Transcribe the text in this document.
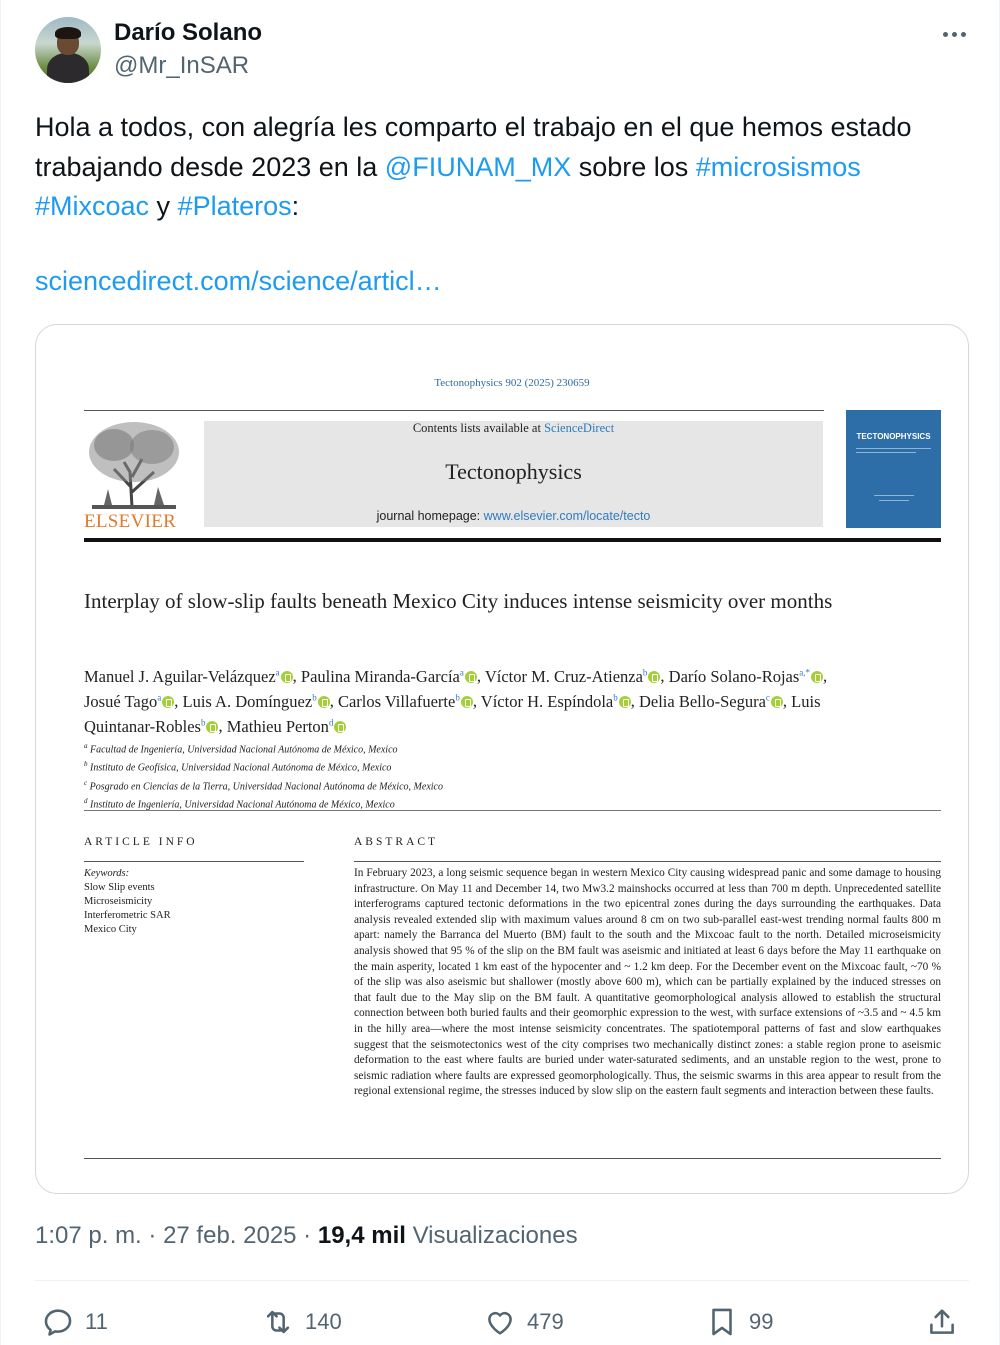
Darío Solano
@Mr_InSAR
Hola a todos, con alegría les comparto el trabajo en el que hemos estado trabajando desde 2023 en la @FIUNAM_MX sobre los #microsismos #Mixcoac y #Plateros:
sciencedirect.com/science/articl…
Tectonophysics 902 (2025) 230659
ELSEVIER
Contents lists available at ScienceDirect
Tectonophysics
journal homepage: www.elsevier.com/locate/tecto
TECTONOPHYSICS
Interplay of slow-slip faults beneath Mexico City induces intense seismicity over months
Manuel J. Aguilar-Velázquez$^a$ , Paulina Miranda-García$^a$ , Víctor M. Cruz-Atienza$^b$ , Darío Solano-Rojas$^{a,*}$ , Josué Tago$^a$ , Luis A. Domínguez$^b$ , Carlos Villafuerte$^b$ , Víctor H. Espíndola$^b$ , Delia Bello-Segura$^c$ , Luis Quintanar-Robles$^b$ , Mathieu Perton$^d$
$^a$ Facultad de Ingeniería, Universidad Nacional Autónoma de México, Mexico
$^b$ Instituto de Geofísica, Universidad Nacional Autónoma de México, Mexico
$^c$ Posgrado en Ciencias de la Tierra, Universidad Nacional Autónoma de México, Mexico
$^d$ Instituto de Ingeniería, Universidad Nacional Autónoma de México, Mexico
ARTICLE INFO	ABSTRACT
Keywords:
Slow Slip events
Microseismicity
Interferometric SAR
Mexico City
In February 2023, a long seismic sequence began in western Mexico City causing widespread panic and some damage to housing infrastructure. On May 11 and December 14, two Mw3.2 mainshocks occurred at less than 700 m depth. Unprecedented satellite interferograms captured tectonic deformations in the two epicentral zones during the days surrounding the earthquakes. Data analysis revealed extended slip with maximum values around 8 cm on two sub-parallel east-west trending normal faults 800 m apart: namely the Barranca del Muerto (BM) fault to the south and the Mixcoac fault to the north. Detailed microseismicity analysis showed that 95 % of the slip on the BM fault was aseismic and initiated at least 6 days before the May 11 earthquake on the main asperity, located 1 km east of the hypocenter and ~ 1.2 km deep. For the December event on the Mixcoac fault, ~70 % of the slip was also aseismic but shallower (mostly above 600 m), which can be partially explained by the induced stresses on that fault due to the May slip on the BM fault. A quantitative geomorphological analysis allowed to establish the structural connection between both buried faults and their geomorphic expression to the west, with surface extensions of ~3.5 and ~ 4.5 km in the hilly area—where the most intense seismicity concentrates. The spatiotemporal patterns of fast and slow earthquakes suggest that the seismotectonics west of the city comprises two mechanically distinct zones: a stable region prone to aseismic deformation to the east where faults are buried under water-saturated sediments, and an unstable region to the west, prone to seismic radiation where faults are expressed geomorphologically. Thus, the seismic swarms in this area appear to result from the regional extensional regime, the stresses induced by slow slip on the eastern fault segments and interaction between these faults.
1:07 p. m. · 27 feb. 2025 · 19,4 mil Visualizaciones
11	140	479	99
